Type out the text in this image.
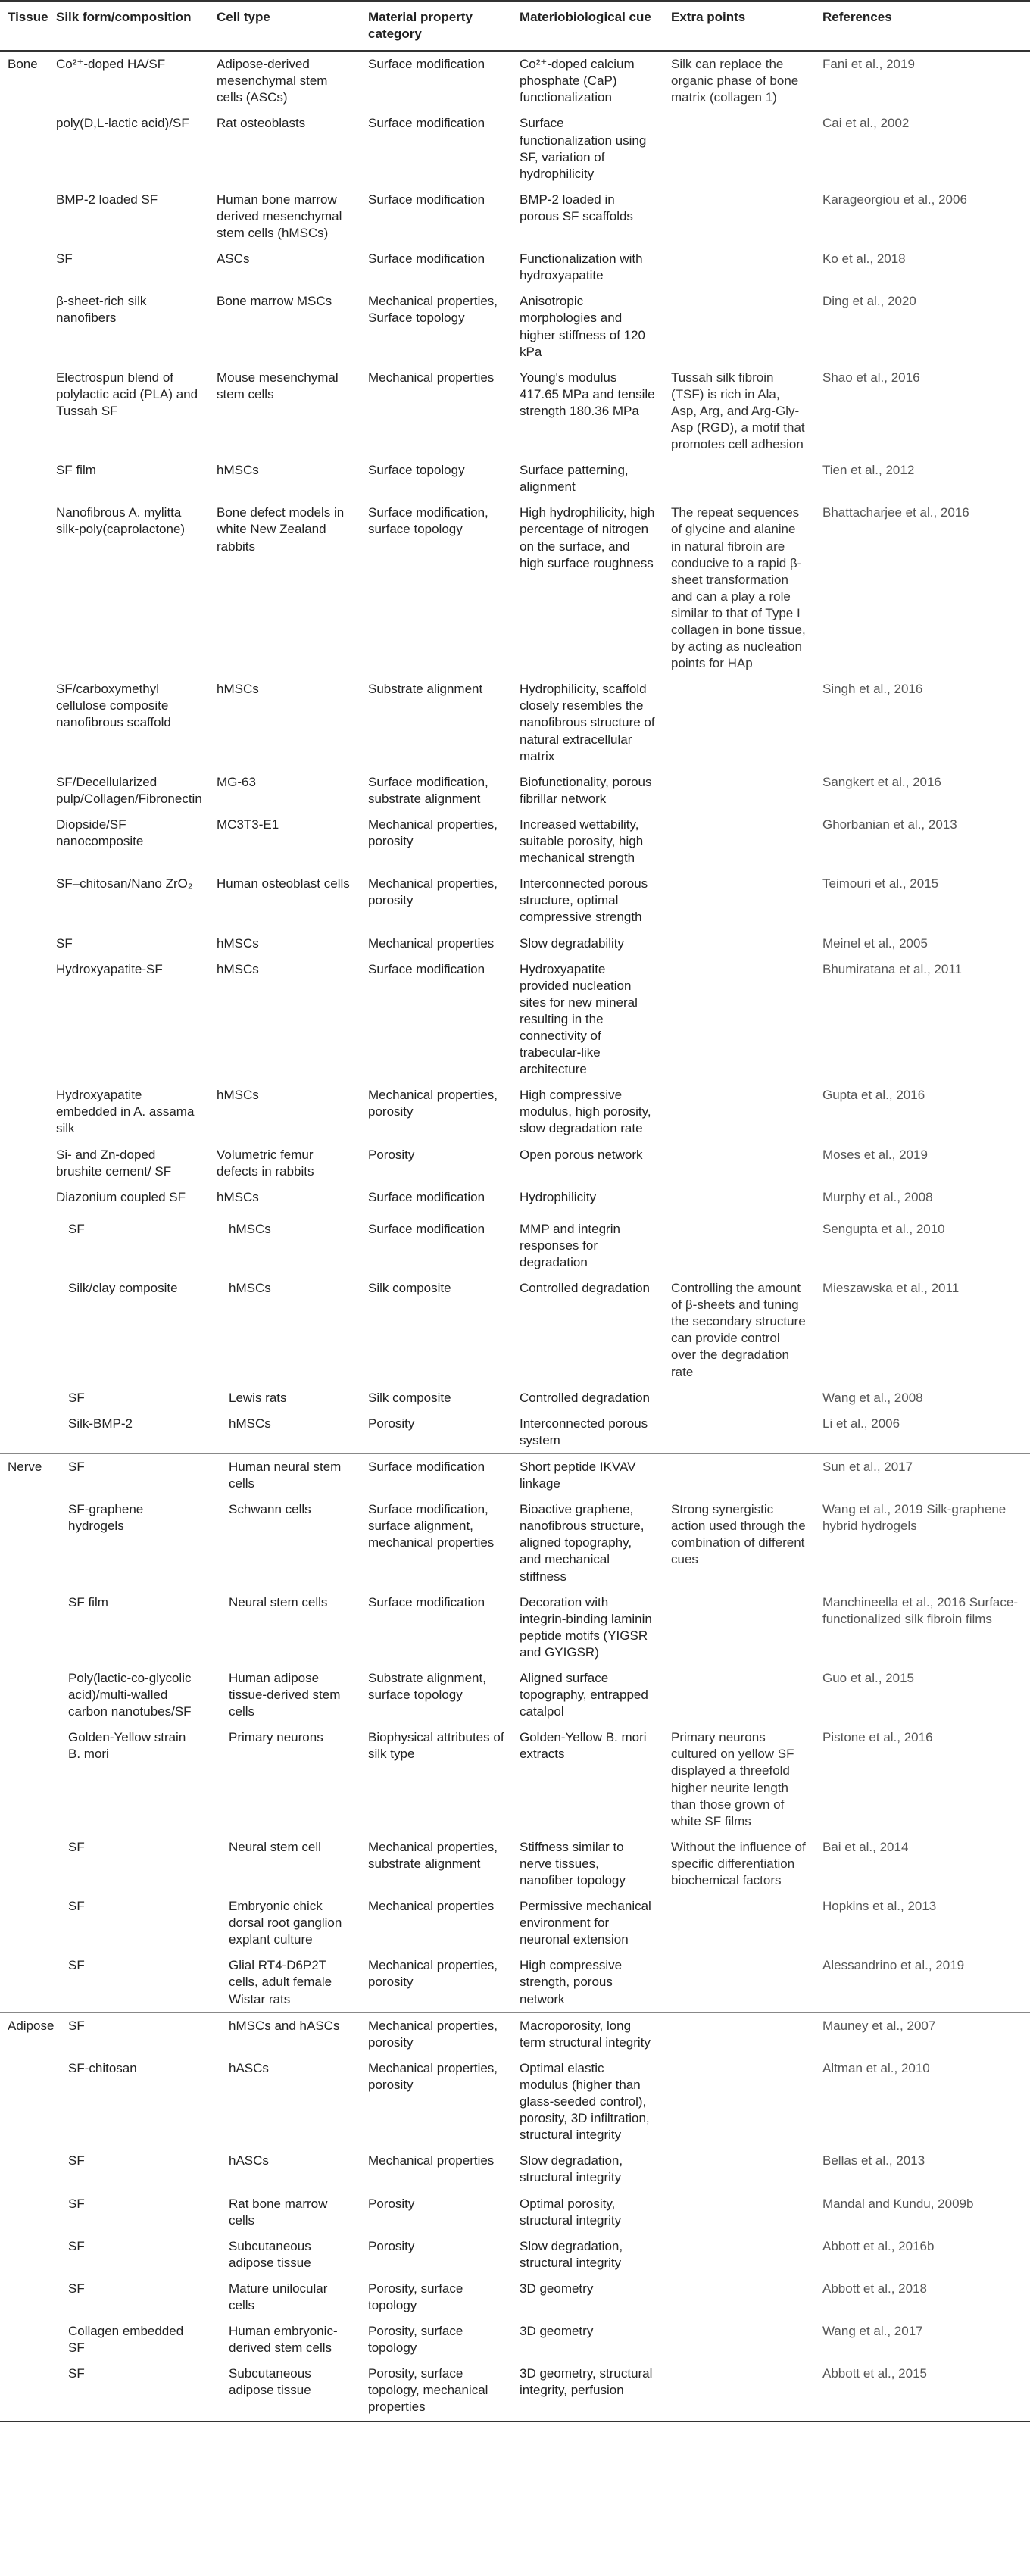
Tissue	Silk form/composition	Cell type	Material property category	Materiobiological cue	Extra points	References
Bone	Co²⁺-doped HA/SF	Adipose-derived mesenchymal stem cells (ASCs)	Surface modification	Co²⁺-doped calcium phosphate (CaP) functionalization	Silk can replace the organic phase of bone matrix (collagen 1)	Fani et al., 2019
	poly(D,L-lactic acid)/SF	Rat osteoblasts	Surface modification	Surface functionalization using SF, variation of hydrophilicity		Cai et al., 2002
	BMP-2 loaded SF	Human bone marrow derived mesenchymal stem cells (hMSCs)	Surface modification	BMP-2 loaded in porous SF scaffolds		Karageorgiou et al., 2006
	SF	ASCs	Surface modification	Functionalization with hydroxyapatite		Ko et al., 2018
	β-sheet-rich silk nanofibers	Bone marrow MSCs	Mechanical properties, Surface topology	Anisotropic morphologies and higher stiffness of 120 kPa		Ding et al., 2020
	Electrospun blend of polylactic acid (PLA) and Tussah SF	Mouse mesenchymal stem cells	Mechanical properties	Young's modulus 417.65 MPa and tensile strength 180.36 MPa	Tussah silk fibroin (TSF) is rich in Ala, Asp, Arg, and Arg-Gly-Asp (RGD), a motif that promotes cell adhesion	Shao et al., 2016
	SF film	hMSCs	Surface topology	Surface patterning, alignment		Tien et al., 2012
	Nanofibrous A. mylitta silk-poly(caprolactone)	Bone defect models in white New Zealand rabbits	Surface modification, surface topology	High hydrophilicity, high percentage of nitrogen on the surface, and high surface roughness	The repeat sequences of glycine and alanine in natural fibroin are conducive to a rapid β-sheet transformation and can a play a role similar to that of Type I collagen in bone tissue, by acting as nucleation points for HAp	Bhattacharjee et al., 2016
	SF/carboxymethyl cellulose composite nanofibrous scaffold	hMSCs	Substrate alignment	Hydrophilicity, scaffold closely resembles the nanofibrous structure of natural extracellular matrix		Singh et al., 2016
	SF/Decellularized pulp/Collagen/Fibronectin	MG-63	Surface modification, substrate alignment	Biofunctionality, porous fibrillar network		Sangkert et al., 2016
	Diopside/SF nanocomposite	MC3T3-E1	Mechanical properties, porosity	Increased wettability, suitable porosity, high mechanical strength		Ghorbanian et al., 2013
	SF–chitosan/Nano ZrO₂	Human osteoblast cells	Mechanical properties, porosity	Interconnected porous structure, optimal compressive strength		Teimouri et al., 2015
	SF	hMSCs	Mechanical properties	Slow degradability		Meinel et al., 2005
	Hydroxyapatite-SF	hMSCs	Surface modification	Hydroxyapatite provided nucleation sites for new mineral resulting in the connectivity of trabecular-like architecture		Bhumiratana et al., 2011
	Hydroxyapatite embedded in A. assama silk	hMSCs	Mechanical properties, porosity	High compressive modulus, high porosity, slow degradation rate		Gupta et al., 2016
	Si- and Zn-doped brushite cement/ SF	Volumetric femur defects in rabbits	Porosity	Open porous network		Moses et al., 2019
	Diazonium coupled SF	hMSCs	Surface modification	Hydrophilicity		Murphy et al., 2008
	SF	hMSCs	Surface modification	MMP and integrin responses for degradation		Sengupta et al., 2010
	Silk/clay composite	hMSCs	Silk composite	Controlled degradation	Controlling the amount of β-sheets and tuning the secondary structure can provide control over the degradation rate	Mieszawska et al., 2011
	SF	Lewis rats	Silk composite	Controlled degradation		Wang et al., 2008
	Silk-BMP-2	hMSCs	Porosity	Interconnected porous system		Li et al., 2006
Nerve	SF	Human neural stem cells	Surface modification	Short peptide IKVAV linkage		Sun et al., 2017
	SF-graphene hydrogels	Schwann cells	Surface modification, surface alignment, mechanical properties	Bioactive graphene, nanofibrous structure, aligned topography, and mechanical stiffness	Strong synergistic action used through the combination of different cues	Wang et al., 2019 Silk-graphene hybrid hydrogels
	SF film	Neural stem cells	Surface modification	Decoration with integrin-binding laminin peptide motifs (YIGSR and GYIGSR)		Manchineella et al., 2016 Surface-functionalized silk fibroin films
	Poly(lactic-co-glycolic acid)/multi-walled carbon nanotubes/SF	Human adipose tissue-derived stem cells	Substrate alignment, surface topology	Aligned surface topography, entrapped catalpol		Guo et al., 2015
	Golden-Yellow strain B. mori	Primary neurons	Biophysical attributes of silk type	Golden-Yellow B. mori extracts	Primary neurons cultured on yellow SF displayed a threefold higher neurite length than those grown of white SF films	Pistone et al., 2016
	SF	Neural stem cell	Mechanical properties, substrate alignment	Stiffness similar to nerve tissues, nanofiber topology	Without the influence of specific differentiation biochemical factors	Bai et al., 2014
	SF	Embryonic chick dorsal root ganglion explant culture	Mechanical properties	Permissive mechanical environment for neuronal extension		Hopkins et al., 2013
	SF	Glial RT4-D6P2T cells, adult female Wistar rats	Mechanical properties, porosity	High compressive strength, porous network		Alessandrino et al., 2019
Adipose	SF	hMSCs and hASCs	Mechanical properties, porosity	Macroporosity, long term structural integrity		Mauney et al., 2007
	SF-chitosan	hASCs	Mechanical properties, porosity	Optimal elastic modulus (higher than glass-seeded control), porosity, 3D infiltration, structural integrity		Altman et al., 2010
	SF	hASCs	Mechanical properties	Slow degradation, structural integrity		Bellas et al., 2013
	SF	Rat bone marrow cells	Porosity	Optimal porosity, structural integrity		Mandal and Kundu, 2009b
	SF	Subcutaneous adipose tissue	Porosity	Slow degradation, structural integrity		Abbott et al., 2016b
	SF	Mature unilocular cells	Porosity, surface topology	3D geometry		Abbott et al., 2018
	Collagen embedded SF	Human embryonic-derived stem cells	Porosity, surface topology	3D geometry		Wang et al., 2017
	SF	Subcutaneous adipose tissue	Porosity, surface topology, mechanical properties	3D geometry, structural integrity, perfusion		Abbott et al., 2015
